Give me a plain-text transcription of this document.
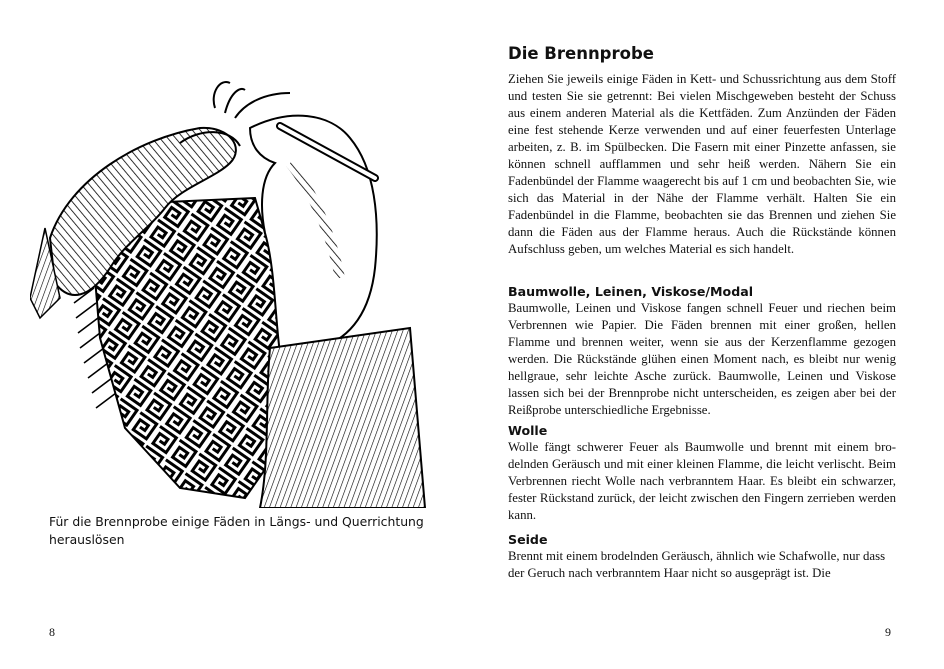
Für die Brennprobe einige Fäden in Längs- und Querrichtung herauslösen
8
Die Brennprobe

Ziehen Sie jeweils einige Fäden in Kett- und Schussrichtung aus dem Stoff und testen Sie sie getrennt: Bei vielen Mischgeweben besteht der Schuss aus einem anderen Material als die Kettfäden. Zum Anzünden der Fäden eine fest stehende Kerze verwenden und auf einer feuerfesten Unterlage arbeiten, z. B. im Spülbecken. Die Fasern mit einer Pinzette anfassen, sie können schnell aufflammen und sehr heiß werden. Nähern Sie ein Fadenbündel der Flamme waagerecht bis auf 1 cm und beobachten Sie, wie sich das Material in der Nähe der Flamme verhält. Halten Sie ein Fadenbündel in die Flamme, beobachten sie das Brennen und ziehen Sie dann die Fäden aus der Flamme heraus. Auch die Rückstände können Aufschluss geben, um welches Material es sich handelt.

Baumwolle, Leinen, Viskose/Modal

Baumwolle, Leinen und Viskose fangen schnell Feuer und riechen beim Verbrennen wie Papier. Die Fäden brennen mit einer großen, hellen Flamme und brennen weiter, wenn sie aus der Kerzenflamme gezogen werden. Die Rückstände glühen einen Moment nach, es bleibt nur wenig hellgraue, sehr leichte Asche zurück. Baumwolle, Leinen und Viskose lassen sich bei der Brennprobe nicht unterscheiden, es zeigen aber bei der Reißprobe unterschiedliche Ergebnisse.

Wolle

Wolle fängt schwerer Feuer als Baumwolle und brennt mit einem brodelnden Geräusch und mit einer kleinen Flamme, die leicht verlischt. Beim Verbrennen riecht Wolle nach verbranntem Haar. Es bleibt ein schwarzer, fester Rückstand zurück, der leicht zwischen den Fingern zerrieben werden kann.

Seide

Brennt mit einem brodelnden Geräusch, ähnlich wie Schafwolle, nur dass der Geruch nach verbranntem Haar nicht so ausgeprägt ist. Die

9
